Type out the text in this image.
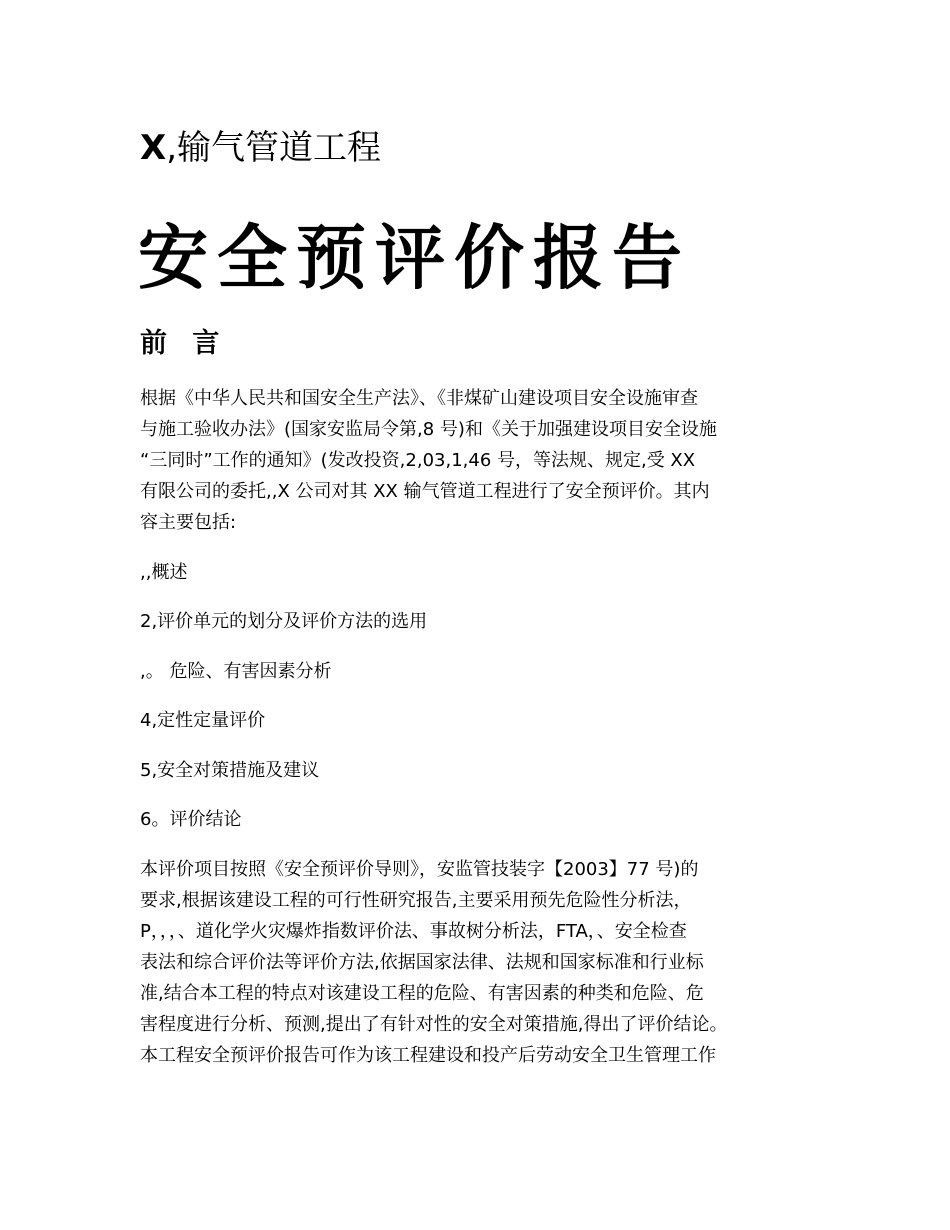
X,输气管道工程
安全预评价报告
前 言

根据《中华人民共和国安全生产法》、《非煤矿山建设项目安全设施审查
与施工验收办法》(国家安监局令第,8 号)和《关于加强建设项目安全设施
“三同时”工作的通知》(发改投资,2,03,1,46 号，等法规、规定,受 XX
有限公司的委托,,X 公司对其 XX 输气管道工程进行了安全预评价。其内
容主要包括:

,,概述

2,评价单元的划分及评价方法的选用

,。 危险、有害因素分析

4,定性定量评价

5,安全对策措施及建议

6。评价结论

本评价项目按照《安全预评价导则》，安监管技装字【2003】77 号)的
要求,根据该建设工程的可行性研究报告,主要采用预先危险性分析法，
P，，，、道化学火灾爆炸指数评价法、事故树分析法，FTA，、安全检查
表法和综合评价法等评价方法,依据国家法律、法规和国家标准和行业标
准,结合本工程的特点对该建设工程的危险、有害因素的种类和危险、危
害程度进行分析、预测,提出了有针对性的安全对策措施,得出了评价结论。
本工程安全预评价报告可作为该工程建设和投产后劳动安全卫生管理工作
